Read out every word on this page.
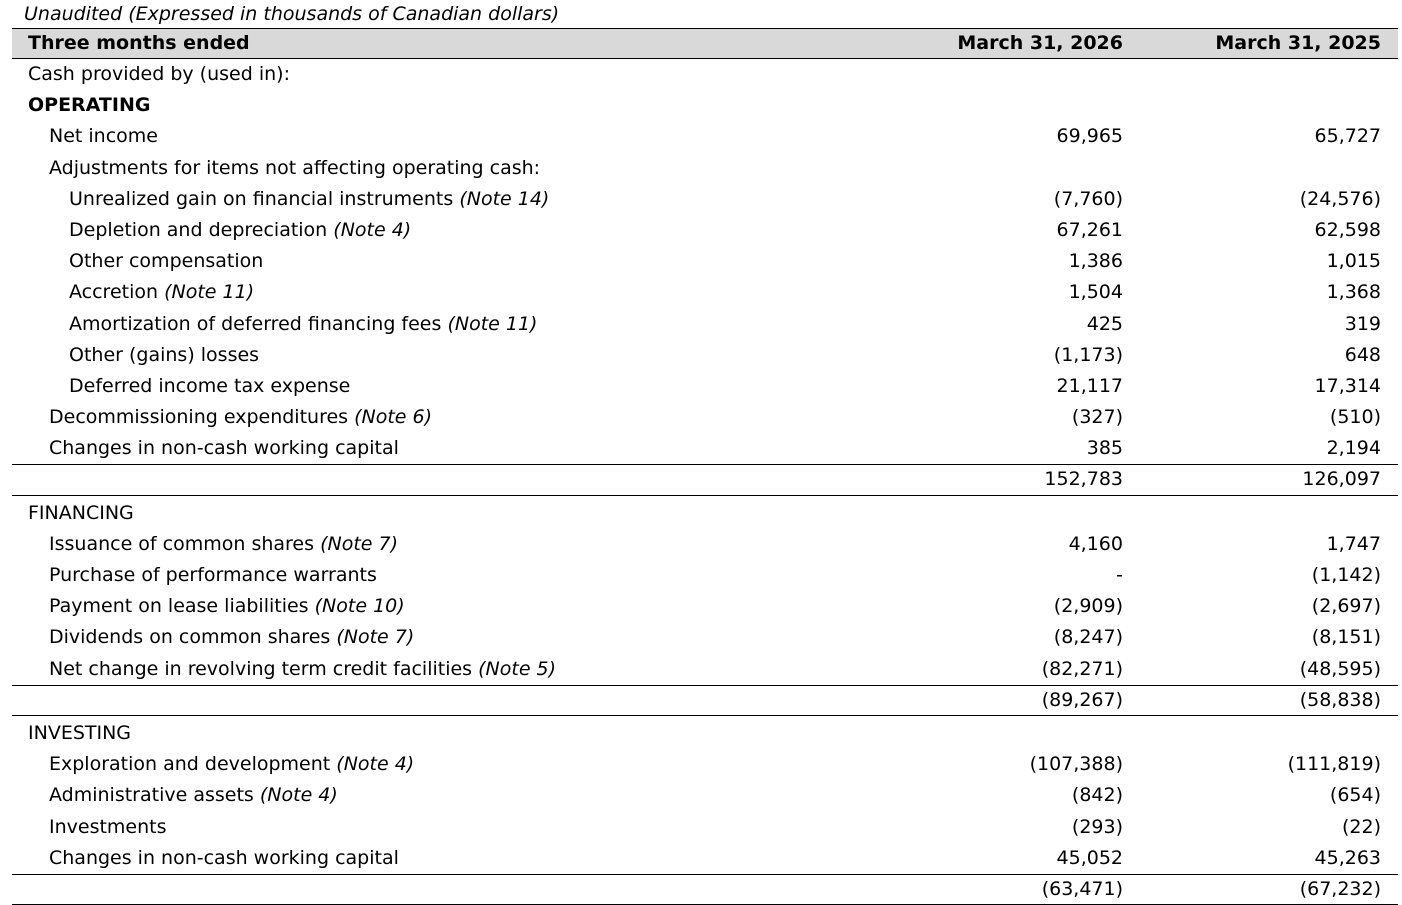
Unaudited (Expressed in thousands of Canadian dollars)
Three months ended	March 31, 2026	March 31, 2025
Cash provided by (used in):
OPERATING
Net income	69,965	65,727
Adjustments for items not affecting operating cash:
Unrealized gain on financial instruments (Note 14)	(7,760)	(24,576)
Depletion and depreciation (Note 4)	67,261	62,598
Other compensation	1,386	1,015
Accretion (Note 11)	1,504	1,368
Amortization of deferred financing fees (Note 11)	425	319
Other (gains) losses	(1,173)	648
Deferred income tax expense	21,117	17,314
Decommissioning expenditures (Note 6)	(327)	(510)
Changes in non-cash working capital	385	2,194
152,783	126,097
FINANCING
Issuance of common shares (Note 7)	4,160	1,747
Purchase of performance warrants	-	(1,142)
Payment on lease liabilities (Note 10)	(2,909)	(2,697)
Dividends on common shares (Note 7)	(8,247)	(8,151)
Net change in revolving term credit facilities (Note 5)	(82,271)	(48,595)
(89,267)	(58,838)
INVESTING
Exploration and development (Note 4)	(107,388)	(111,819)
Administrative assets (Note 4)	(842)	(654)
Investments	(293)	(22)
Changes in non-cash working capital	45,052	45,263
(63,471)	(67,232)
